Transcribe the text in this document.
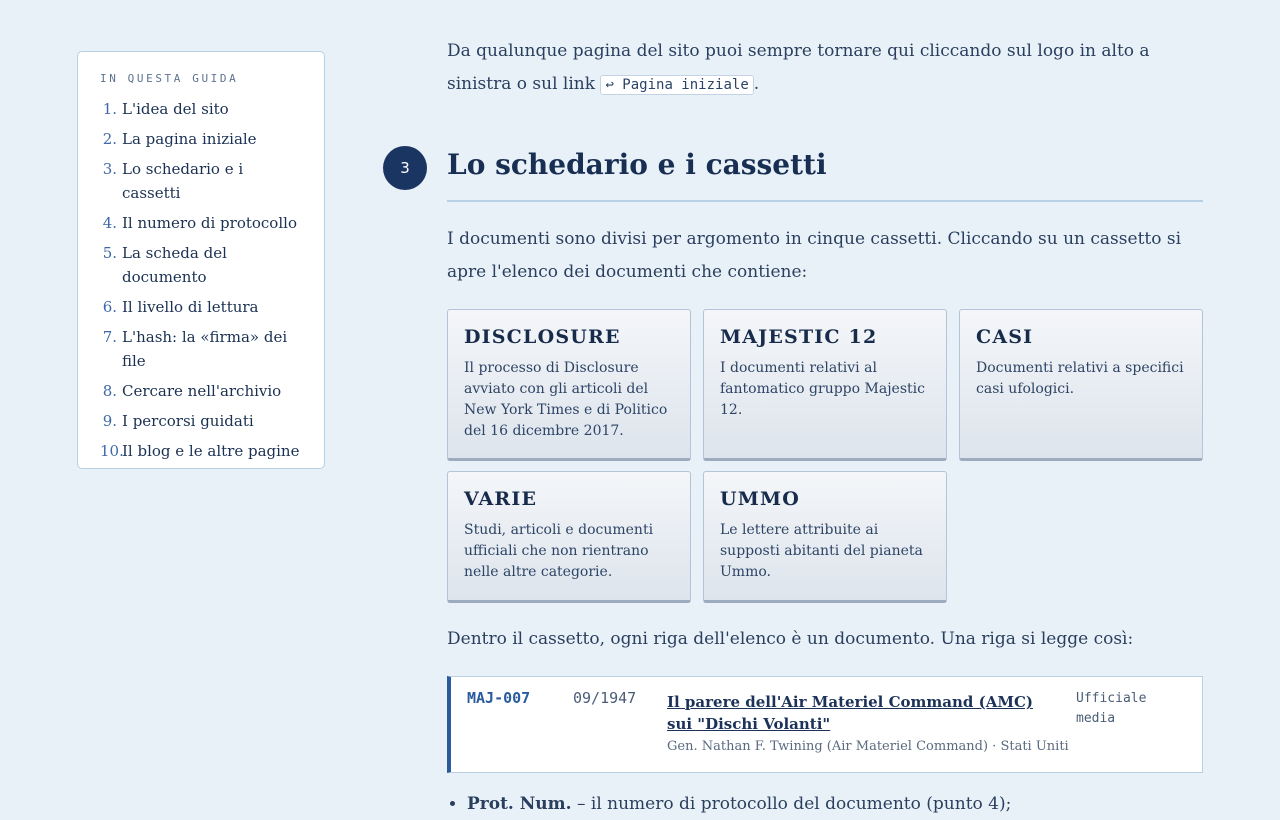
IN QUESTA GUIDA
1. L'idea del sito
2. La pagina iniziale
3. Lo schedario e i cassetti
4. Il numero di protocollo
5. La scheda del documento
6. Il livello di lettura
7. L'hash: la «firma» dei file
8. Cercare nell'archivio
9. I percorsi guidati
10.
Il blog e le altre pagine

Da qualunque pagina del sito puoi sempre tornare qui cliccando sul logo in alto a sinistra o sul link ↩ Pagina iniziale .

3	Lo schedario e i cassetti

I documenti sono divisi per argomento in cinque cassetti. Cliccando su un cassetto si apre l'elenco dei documenti che contiene:

DISCLOSURE

Il processo di Disclosure avviato con gli articoli del New York Times e di Politico del 16 dicembre 2017.

MAJESTIC 12

I documenti relativi al fantomatico gruppo Majestic 12.

CASI

Documenti relativi a specifici casi ufologici.

VARIE

Studi, articoli e documenti ufficiali che non rientrano nelle altre categorie.

UMMO

Le lettere attribuite ai supposti abitanti del pianeta Ummo.

Dentro il cassetto, ogni riga dell'elenco è un documento. Una riga si legge così:

MAJ-007	09/1947 Il parere dell'Air Materiel Command (AMC) sui "Dischi Volanti"
Gen. Nathan F. Twining (Air Materiel Command) · Stati Uniti
Ufficiale
media
• Prot. Num. – il numero di protocollo del documento (punto 4);
